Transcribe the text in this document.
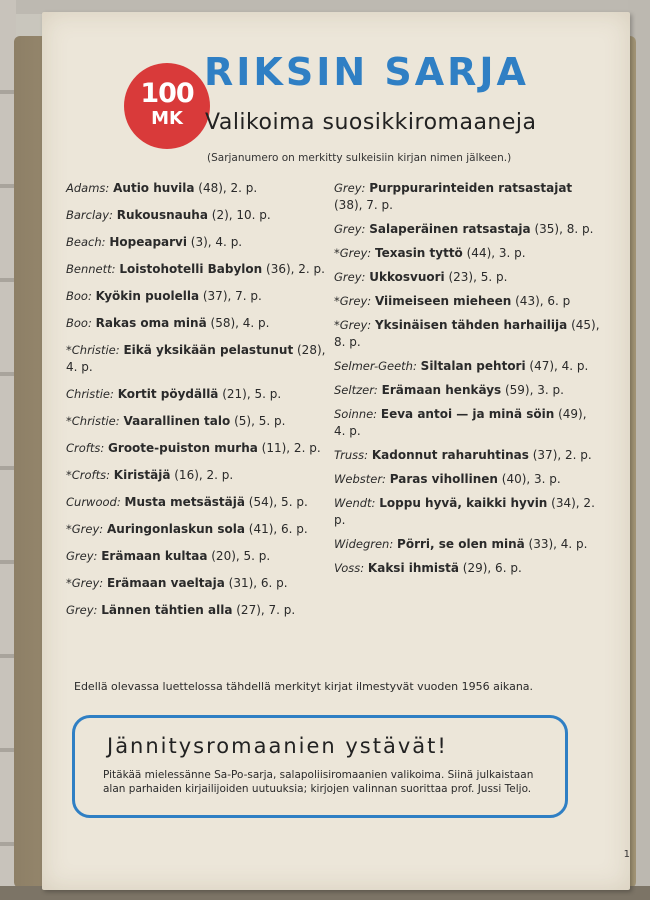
100
MK
RIKSIN SARJA
Valikoima suosikkiromaaneja
(Sarjanumero on merkitty sulkeisiin kirjan nimen jälkeen.)

Adams: Autio huvila (48), 2. p.

Barclay: Rukousnauha (2), 10. p.

Beach: Hopeaparvi (3), 4. p.

Bennett: Loistohotelli Babylon (36), 2. p.

Boo: Kyökin puolella (37), 7. p.

Boo: Rakas oma minä (58), 4. p.

*Christie: Eikä yksikään pelastunut (28), 4. p.

Christie: Kortit pöydällä (21), 5. p.

*Christie: Vaarallinen talo (5), 5. p.

Crofts: Groote-puiston murha (11), 2. p.

*Crofts: Kiristäjä (16), 2. p.

Curwood: Musta metsästäjä (54), 5. p.

*Grey: Auringonlaskun sola (41), 6. p.

Grey: Erämaan kultaa (20), 5. p.

*Grey: Erämaan vaeltaja (31), 6. p.

Grey: Lännen tähtien alla (27), 7. p.

Grey: Purppurarinteiden ratsastajat (38), 7. p.

Grey: Salaperäinen ratsastaja (35), 8. p.

*Grey: Texasin tyttö (44), 3. p.

Grey: Ukkosvuori (23), 5. p.

*Grey: Viimeiseen mieheen (43), 6. p

*Grey: Yksinäisen tähden harhailija (45), 8. p.

Selmer-Geeth: Siltalan pehtori (47), 4. p.

Seltzer: Erämaan henkäys (59), 3. p.

Soinne: Eeva antoi — ja minä söin (49), 4. p.

Truss: Kadonnut raharuhtinas (37), 2. p.

Webster: Paras vihollinen (40), 3. p.

Wendt: Loppu hyvä, kaikki hyvin (34), 2. p.

Widegren: Pörri, se olen minä (33), 4. p.

Voss: Kaksi ihmistä (29), 6. p.

Edellä olevassa luettelossa tähdellä merkityt kirjat ilmestyvät vuoden 1956 aikana.
Jännitysromaanien ystävät!
Pitäkää mielessänne Sa-Po-sarja, salapoliisiromaanien valikoima. Siinä julkaistaan alan parhaiden kirjailijoiden uutuuksia; kirjojen valinnan suorittaa prof. Jussi Teljo.
1
